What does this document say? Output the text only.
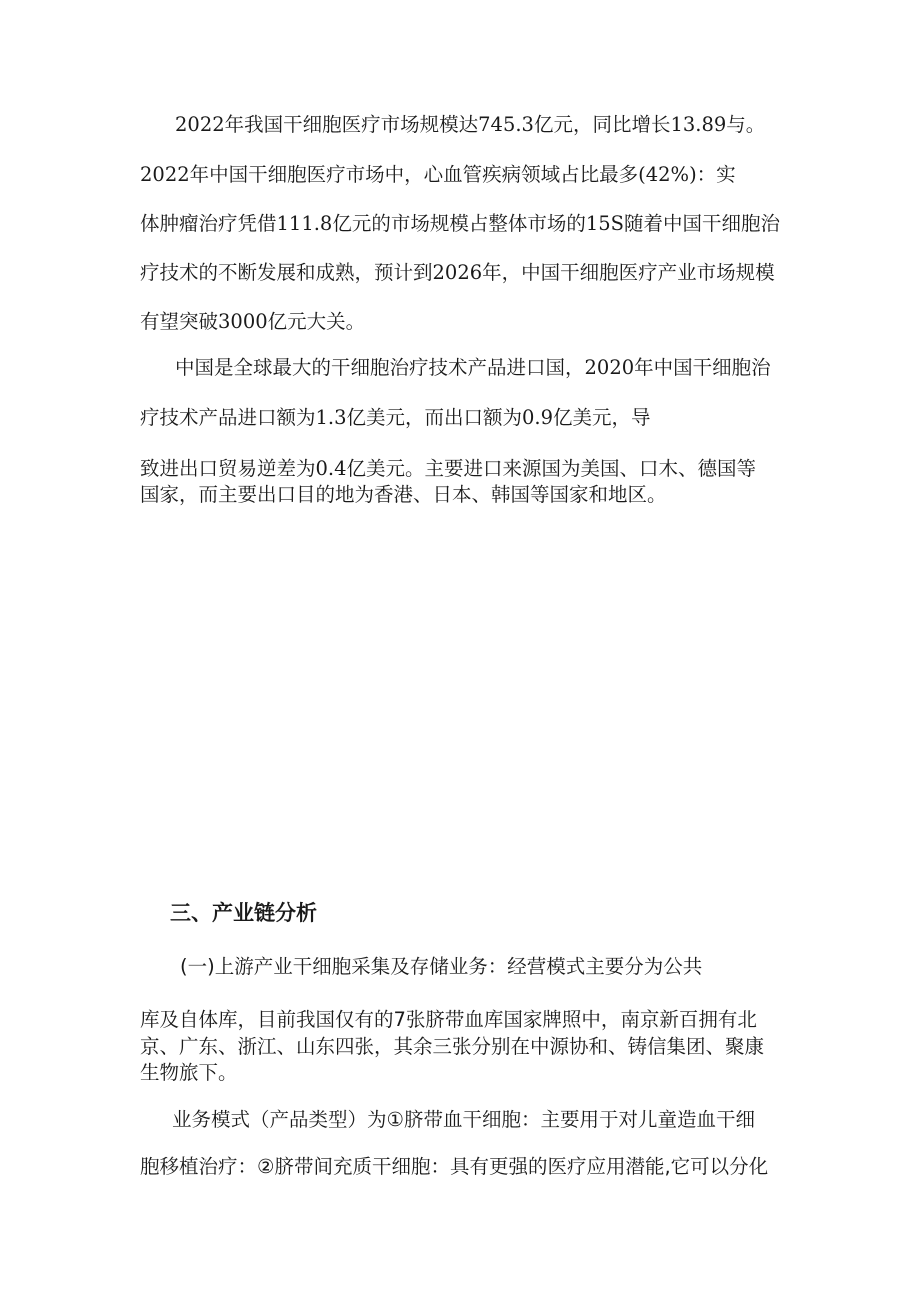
2022年我国干细胞医疗市场规模达745.3亿元，同比增长13.89与。
2022年中国干细胞医疗市场中，心血管疾病领域占比最多(42%)：实
体肿瘤治疗凭借111.8亿元的市场规模占整体市场的15S随着中国干细胞治
疗技术的不断发展和成熟，预计到2026年，中国干细胞医疗产业市场规模
有望突破3000亿元大关。
中国是全球最大的干细胞治疗技术产品进口国，2020年中国干细胞治
疗技术产品进口额为1.3亿美元，而出口额为0.9亿美元，导
致进出口贸易逆差为0.4亿美元。主要进口来源国为美国、口木、德国等
国家，而主要出口目的地为香港、日本、韩国等国家和地区。
三、产业链分析
(一)上游产业干细胞采集及存储业务：经营模式主要分为公共
库及自体库，目前我国仅有的7张脐带血库国家牌照中，南京新百拥有北
京、广东、浙江、山东四张，其余三张分别在中源协和、铸信集团、聚康
生物旅下。
业务模式（产品类型）为①脐带血干细胞：主要用于对儿童造血干细
胞移植治疗：②脐带间充质干细胞：具有更强的医疗应用潜能,它可以分化
